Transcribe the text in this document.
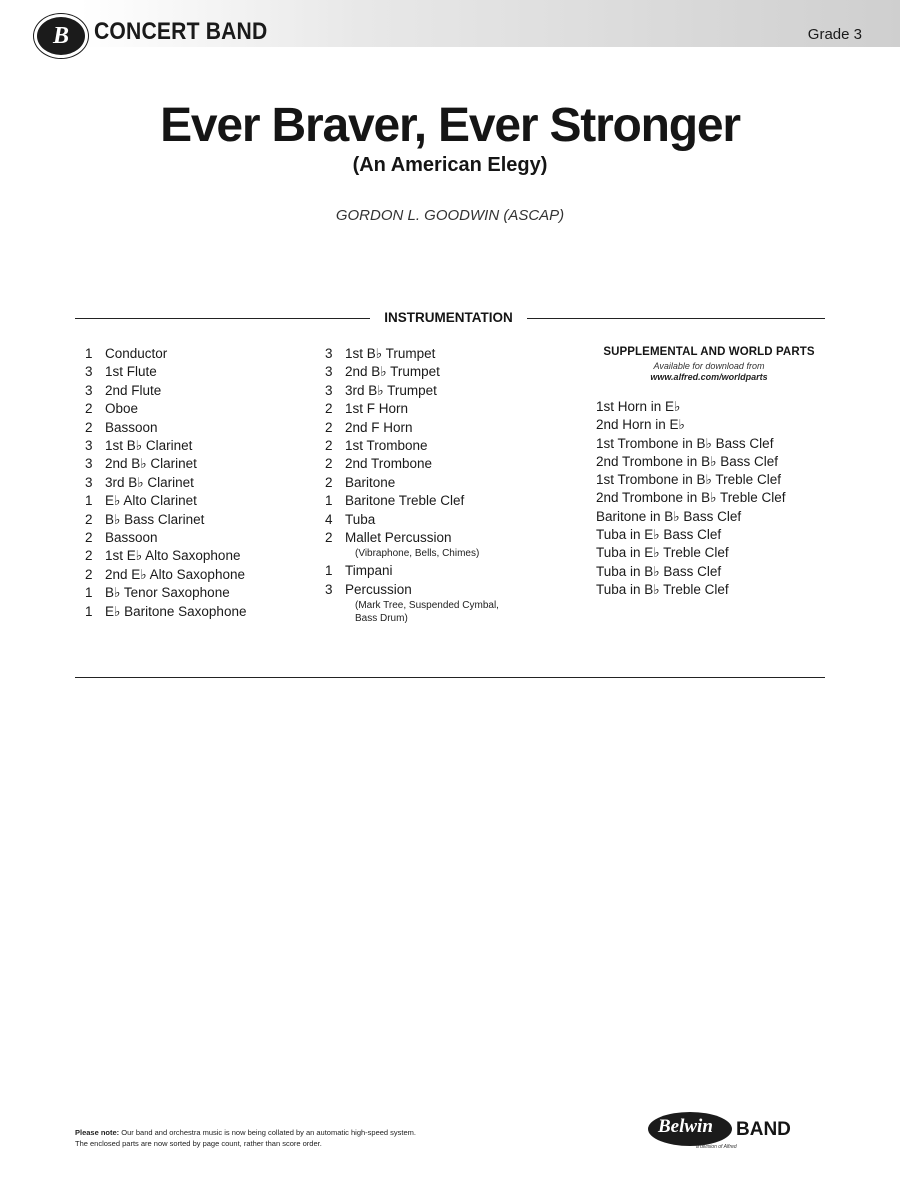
B	CONCERT BAND	Grade 3
Ever Braver, Ever Stronger
(An American Elegy)
GORDON L. GOODWIN (ASCAP)
INSTRUMENTATION
1 Conductor
3 1st Flute
3 2nd Flute
2 Oboe
2 Bassoon
3 1st B♭ Clarinet
3 2nd B♭ Clarinet
3 3rd B♭ Clarinet
1 E♭ Alto Clarinet
2 B♭ Bass Clarinet
2 Bassoon
2 1st E♭ Alto Saxophone
2 2nd E♭ Alto Saxophone
1 B♭ Tenor Saxophone
1 E♭ Baritone Saxophone
3 1st B♭ Trumpet
3 2nd B♭ Trumpet
3 3rd B♭ Trumpet
2 1st F Horn
2 2nd F Horn
2 1st Trombone
2 2nd Trombone
2 Baritone
1 Baritone Treble Clef
4 Tuba
2 Mallet Percussion
(Vibraphone, Bells, Chimes)
1 Timpani
3 Percussion
(Mark Tree, Suspended Cymbal,
Bass Drum)
SUPPLEMENTAL AND WORLD PARTS
Available for download from
www.alfred.com/worldparts
1st Horn in E♭
2nd Horn in E♭
1st Trombone in B♭ Bass Clef
2nd Trombone in B♭ Bass Clef
1st Trombone in B♭ Treble Clef
2nd Trombone in B♭ Treble Clef
Baritone in B♭ Bass Clef
Tuba in E♭ Bass Clef
Tuba in E♭ Treble Clef
Tuba in B♭ Bass Clef
Tuba in B♭ Treble Clef
Please note: Our band and orchestra music is now being collated by an automatic high-speed system.
The enclosed parts are now sorted by page count, rather than score order.
Belwin BAND
a division of Alfred
